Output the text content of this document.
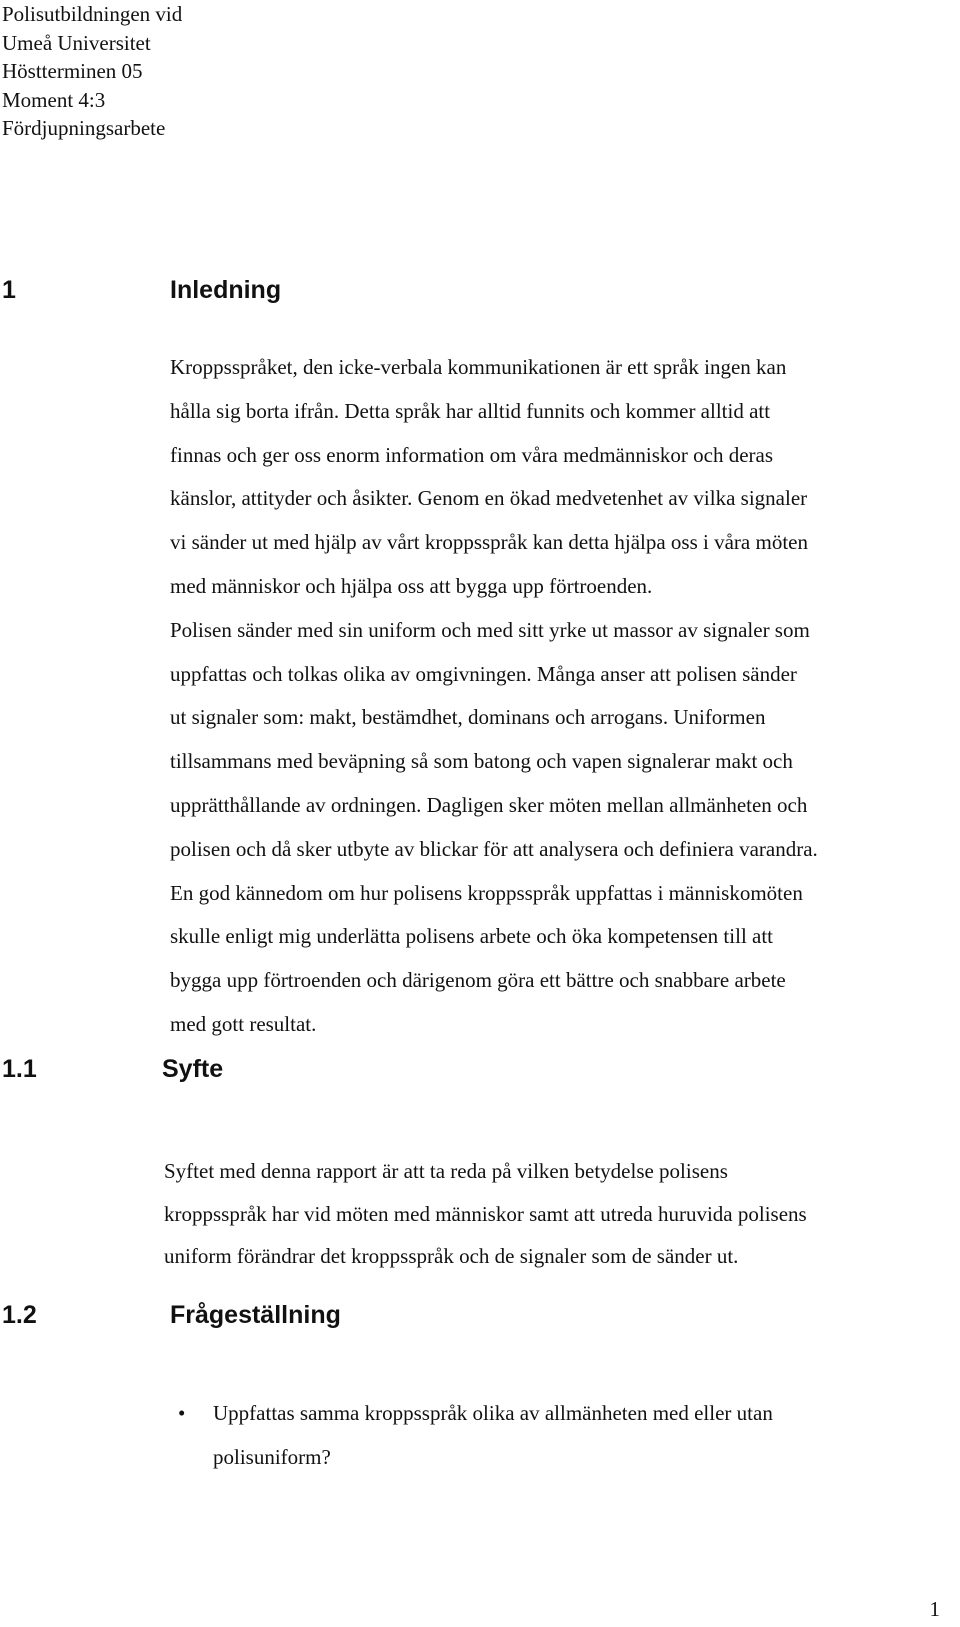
Polisutbildningen vid
Umeå Universitet
Höstterminen 05
Moment 4:3
Fördjupningsarbete
1	Inledning
Kroppsspråket, den icke-verbala kommunikationen är ett språk ingen kan
hålla sig borta ifrån. Detta språk har alltid funnits och kommer alltid att
finnas och ger oss enorm information om våra medmänniskor och deras
känslor, attityder och åsikter. Genom en ökad medvetenhet av vilka signaler
vi sänder ut med hjälp av vårt kroppsspråk kan detta hjälpa oss i våra möten
med människor och hjälpa oss att bygga upp förtroenden.
Polisen sänder med sin uniform och med sitt yrke ut massor av signaler som
uppfattas och tolkas olika av omgivningen. Många anser att polisen sänder
ut signaler som: makt, bestämdhet, dominans och arrogans. Uniformen
tillsammans med beväpning så som batong och vapen signalerar makt och
upprätthållande av ordningen. Dagligen sker möten mellan allmänheten och
polisen och då sker utbyte av blickar för att analysera och definiera varandra.
En god kännedom om hur polisens kroppsspråk uppfattas i människomöten
skulle enligt mig underlätta polisens arbete och öka kompetensen till att
bygga upp förtroenden och därigenom göra ett bättre och snabbare arbete
med gott resultat.
1.1	Syfte
Syftet med denna rapport är att ta reda på vilken betydelse polisens
kroppsspråk har vid möten med människor samt att utreda huruvida polisens
uniform förändrar det kroppsspråk och de signaler som de sänder ut.
1.2	Frågeställning
• Uppfattas samma kroppsspråk olika av allmänheten med eller utan
polisuniform?
1
